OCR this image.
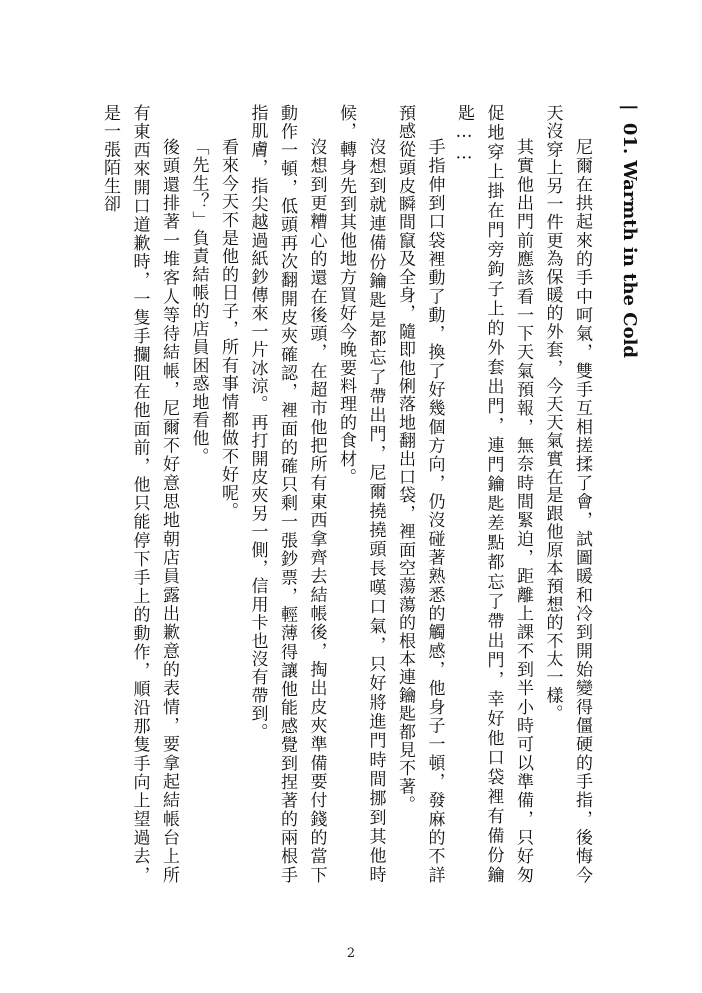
| 01. Warmth in the Cold

尼爾在拱起來的手中呵氣，雙手互相搓揉了會，試圖暖和冷到開始變得僵硬的手指，後悔今天沒穿上另一件更為保暖的外套，今天天氣實在是跟他原本預想的不太一樣。

其實他出門前應該看一下天氣預報，無奈時間緊迫，距離上課不到半小時可以準備，只好匆促地穿上掛在門旁鉤子上的外套出門，連門鑰匙差點都忘了帶出門，幸好他口袋裡有備份鑰匙……

手指伸到口袋裡動了動，換了好幾個方向，仍沒碰著熟悉的觸感，他身子一頓，發麻的不詳預感從頭皮瞬間竄及全身，隨即他俐落地翻出口袋，裡面空蕩蕩的根本連鑰匙都見不著。

沒想到就連備份鑰匙是都忘了帶出門，尼爾撓撓頭長嘆口氣，只好將進門時間挪到其他時候，轉身先到其他地方買好今晚要料理的食材。

沒想到更糟心的還在後頭，在超市他把所有東西拿齊去結帳後，掏出皮夾準備要付錢的當下動作一頓，低頭再次翻開皮夾確認，裡面的確只剩一張鈔票，輕薄得讓他能感覺到捏著的兩根手指肌膚，指尖越過紙鈔傳來一片冰涼。再打開皮夾另一側，信用卡也沒有帶到。

看來今天不是他的日子，所有事情都做不好呢。

「先生？」負責結帳的店員困惑地看他。

後頭還排著一堆客人等待結帳，尼爾不好意思地朝店員露出歉意的表情，要拿起結帳台上所有東西來開口道歉時，一隻手攔阻在他面前，他只能停下手上的動作，順沿那隻手向上望過去，是一張陌生卻

2
